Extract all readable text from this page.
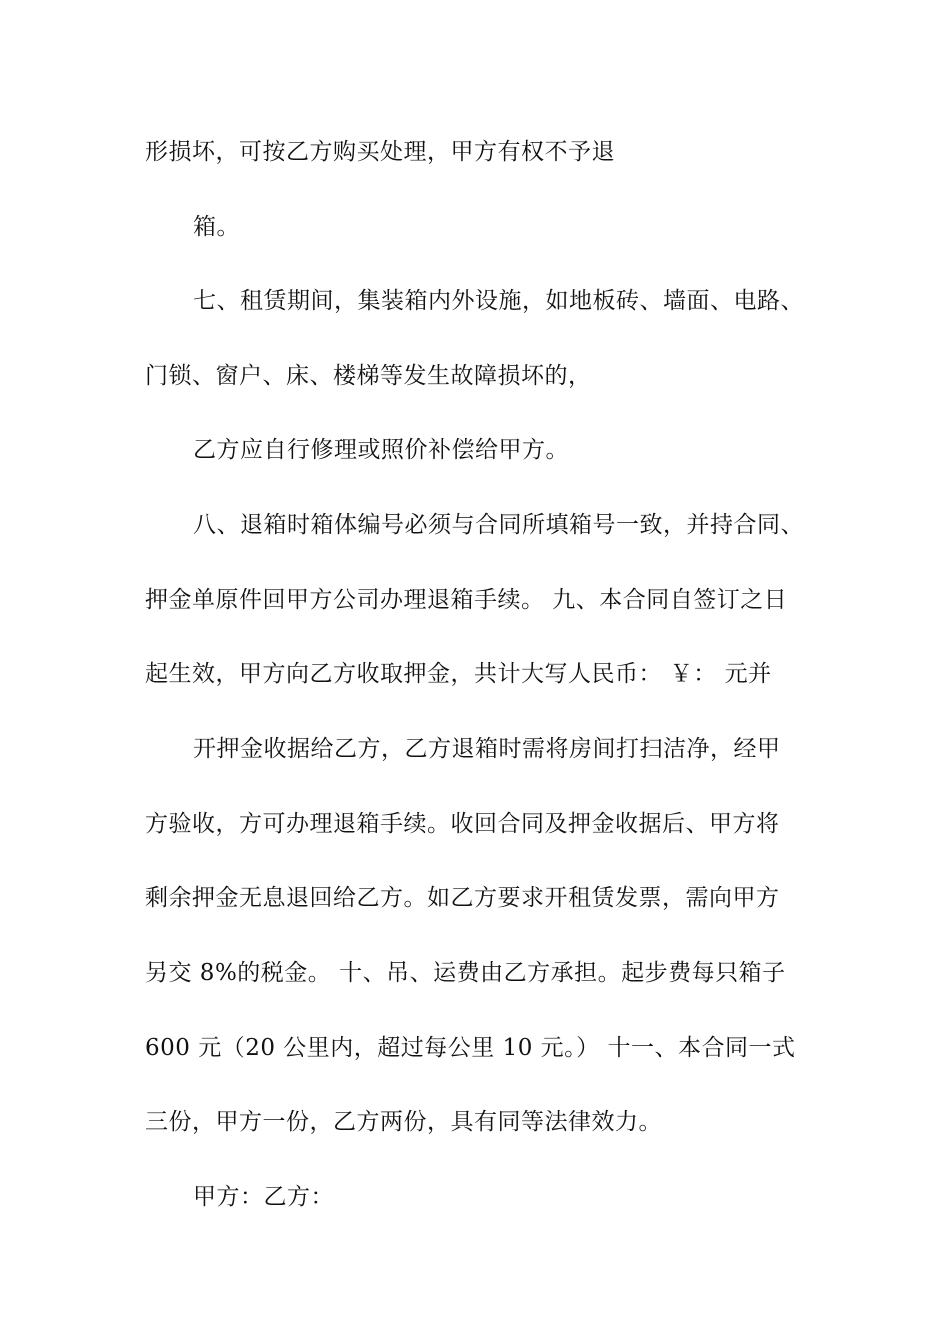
形损坏，可按乙方购买处理，甲方有权不予退
箱。
七、租赁期间，集装箱内外设施，如地板砖、墙面、电路、
门锁、窗户、床、楼梯等发生故障损坏的，
乙方应自行修理或照价补偿给甲方。
八、退箱时箱体编号必须与合同所填箱号一致，并持合同、
押金单原件回甲方公司办理退箱手续。 九、本合同自签订之日
起生效，甲方向乙方收取押金，共计大写人民币： ￥： 元并
开押金收据给乙方，乙方退箱时需将房间打扫洁净，经甲
方验收，方可办理退箱手续。收回合同及押金收据后、甲方将
剩余押金无息退回给乙方。如乙方要求开租赁发票，需向甲方
另交 8%的税金。 十、吊、运费由乙方承担。起步费每只箱子
600 元（20 公里内，超过每公里 10 元。） 十一、本合同一式
三份，甲方一份，乙方两份，具有同等法律效力。
甲方：乙方：
